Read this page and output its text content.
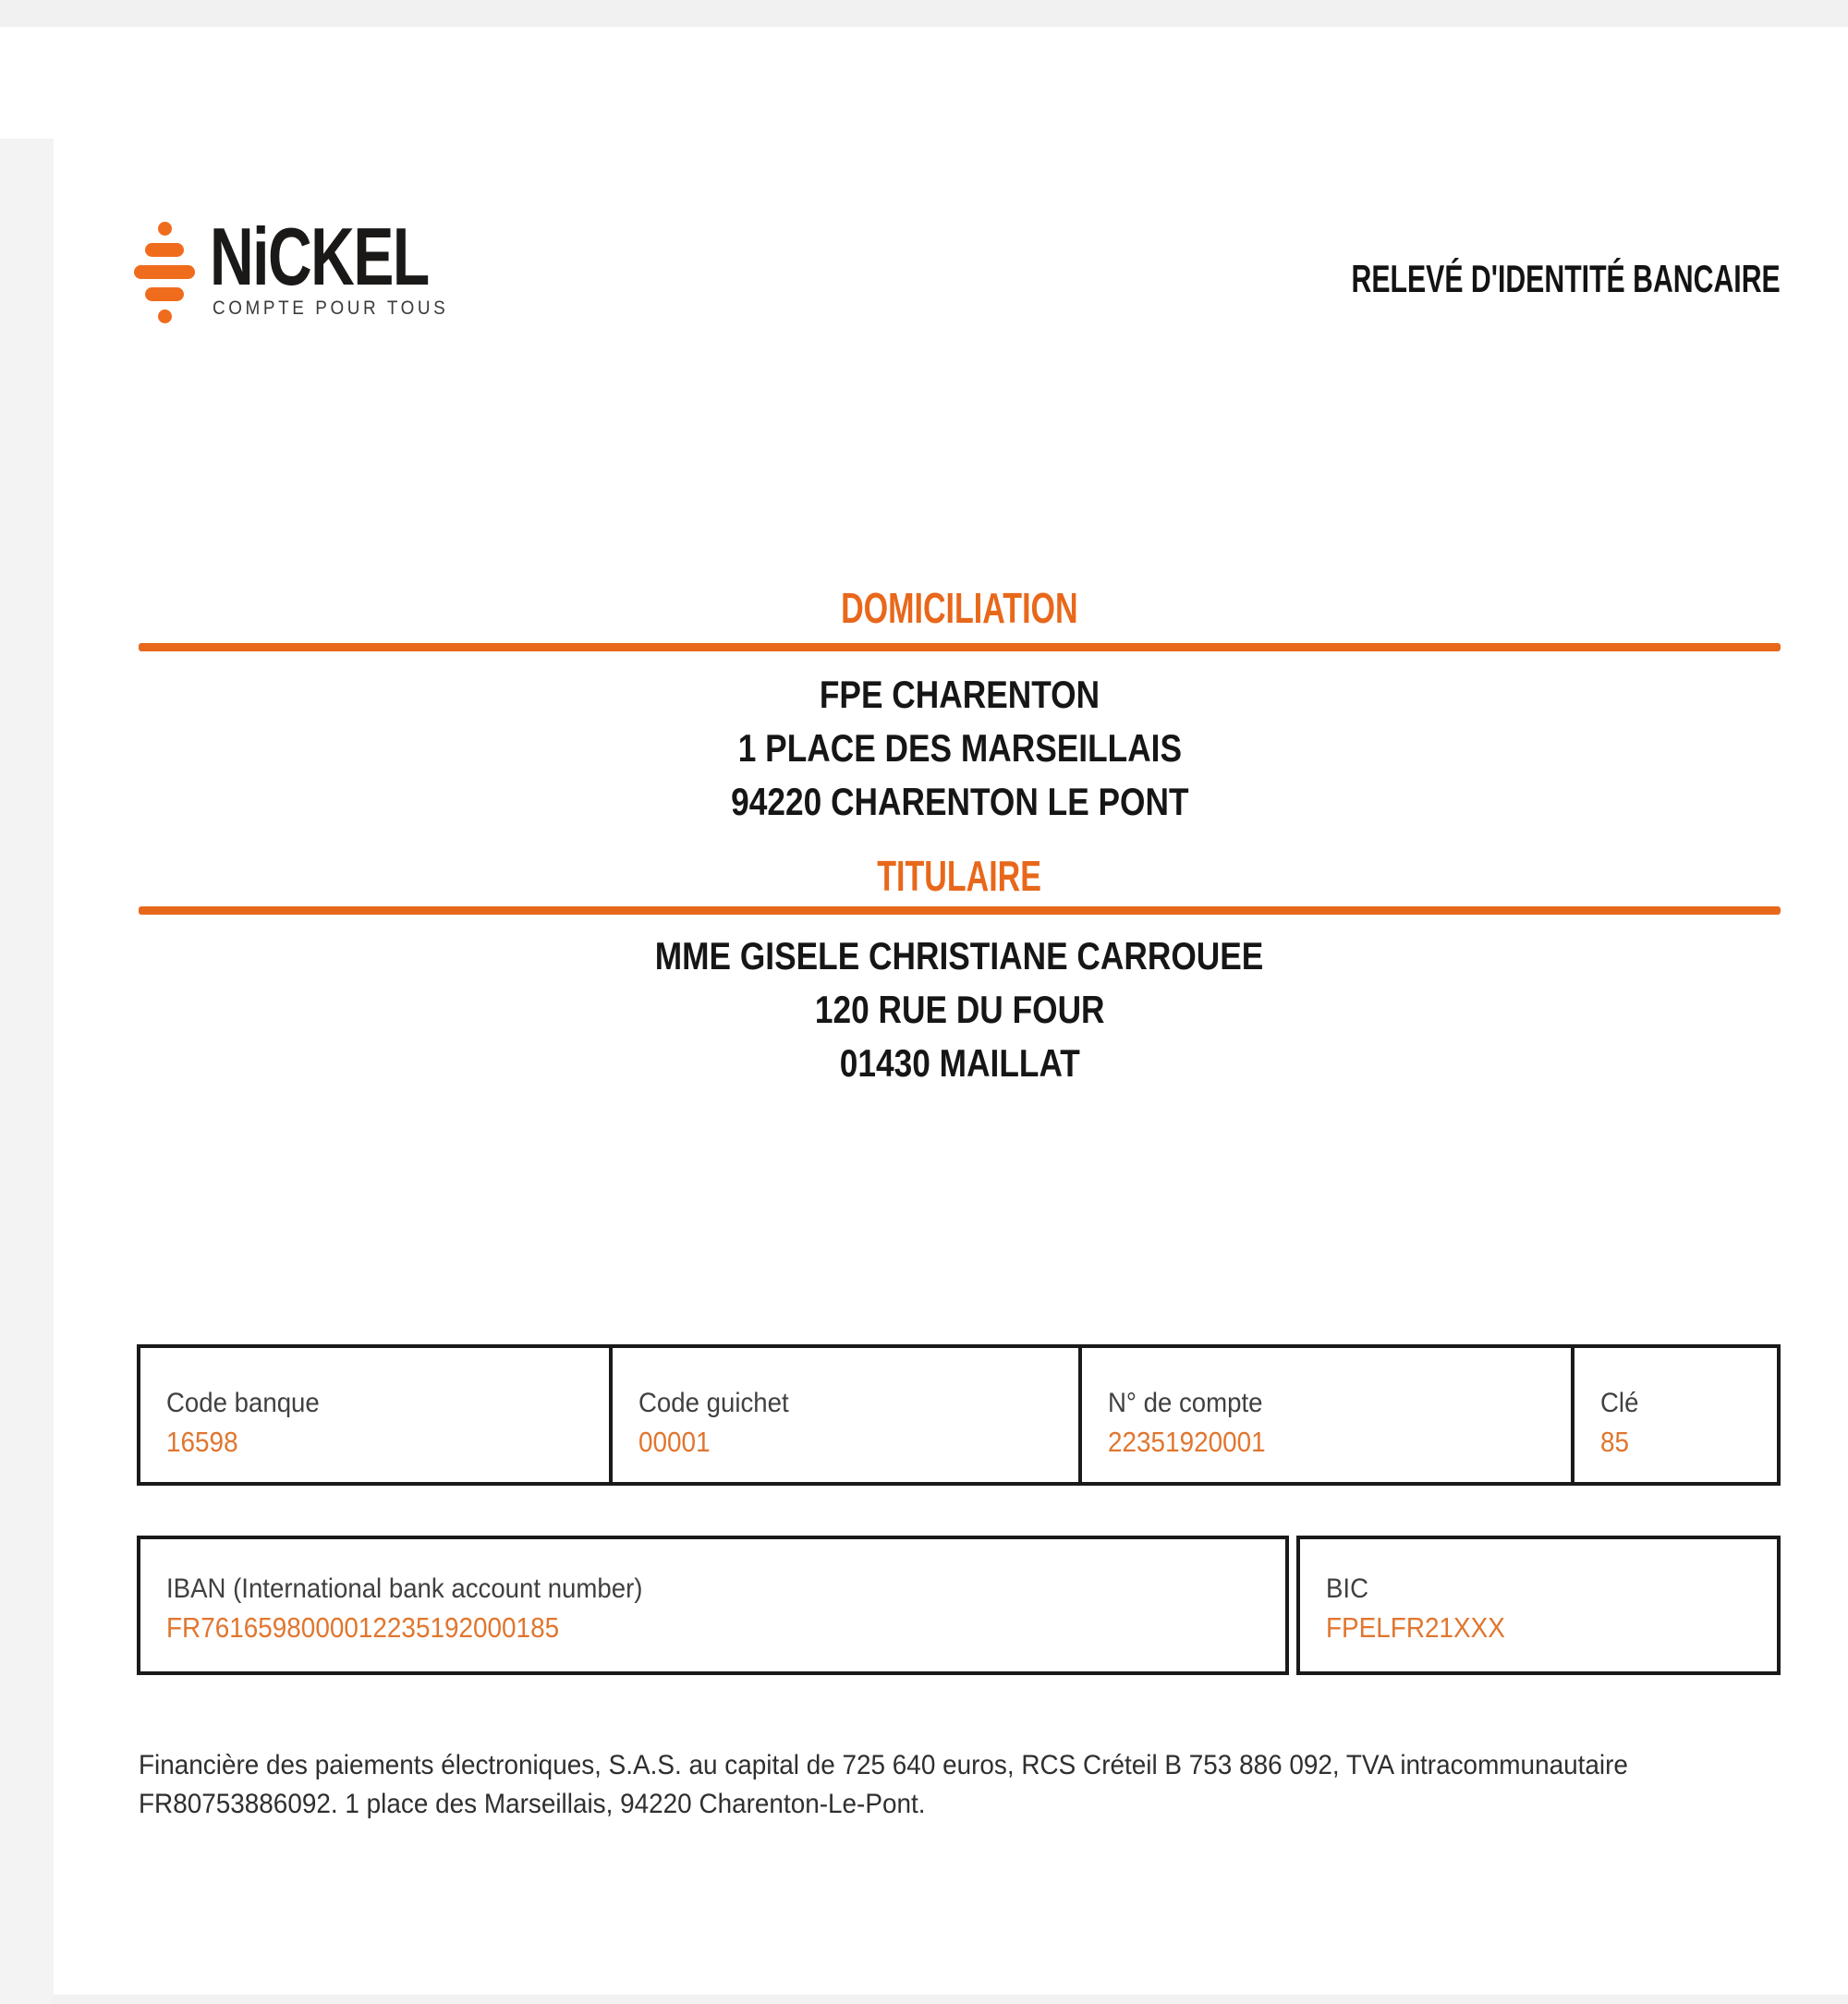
NiCKEL
COMPTE POUR TOUS
RELEVÉ D'IDENTITÉ BANCAIRE
DOMICILIATION
FPE CHARENTON
1 PLACE DES MARSEILLAIS
94220 CHARENTON LE PONT
TITULAIRE
MME GISELE CHRISTIANE CARROUEE
120 RUE DU FOUR
01430 MAILLAT
Code banque
16598
Code guichet
00001
N° de compte
22351920001
Clé
85
IBAN (International bank account number)
FR7616598000012235192000185
BIC
FPELFR21XXX
Financière des paiements électroniques, S.A.S. au capital de 725 640 euros, RCS Créteil B 753 886 092, TVA intracommunautaire
FR80753886092. 1 place des Marseillais, 94220 Charenton-Le-Pont.
